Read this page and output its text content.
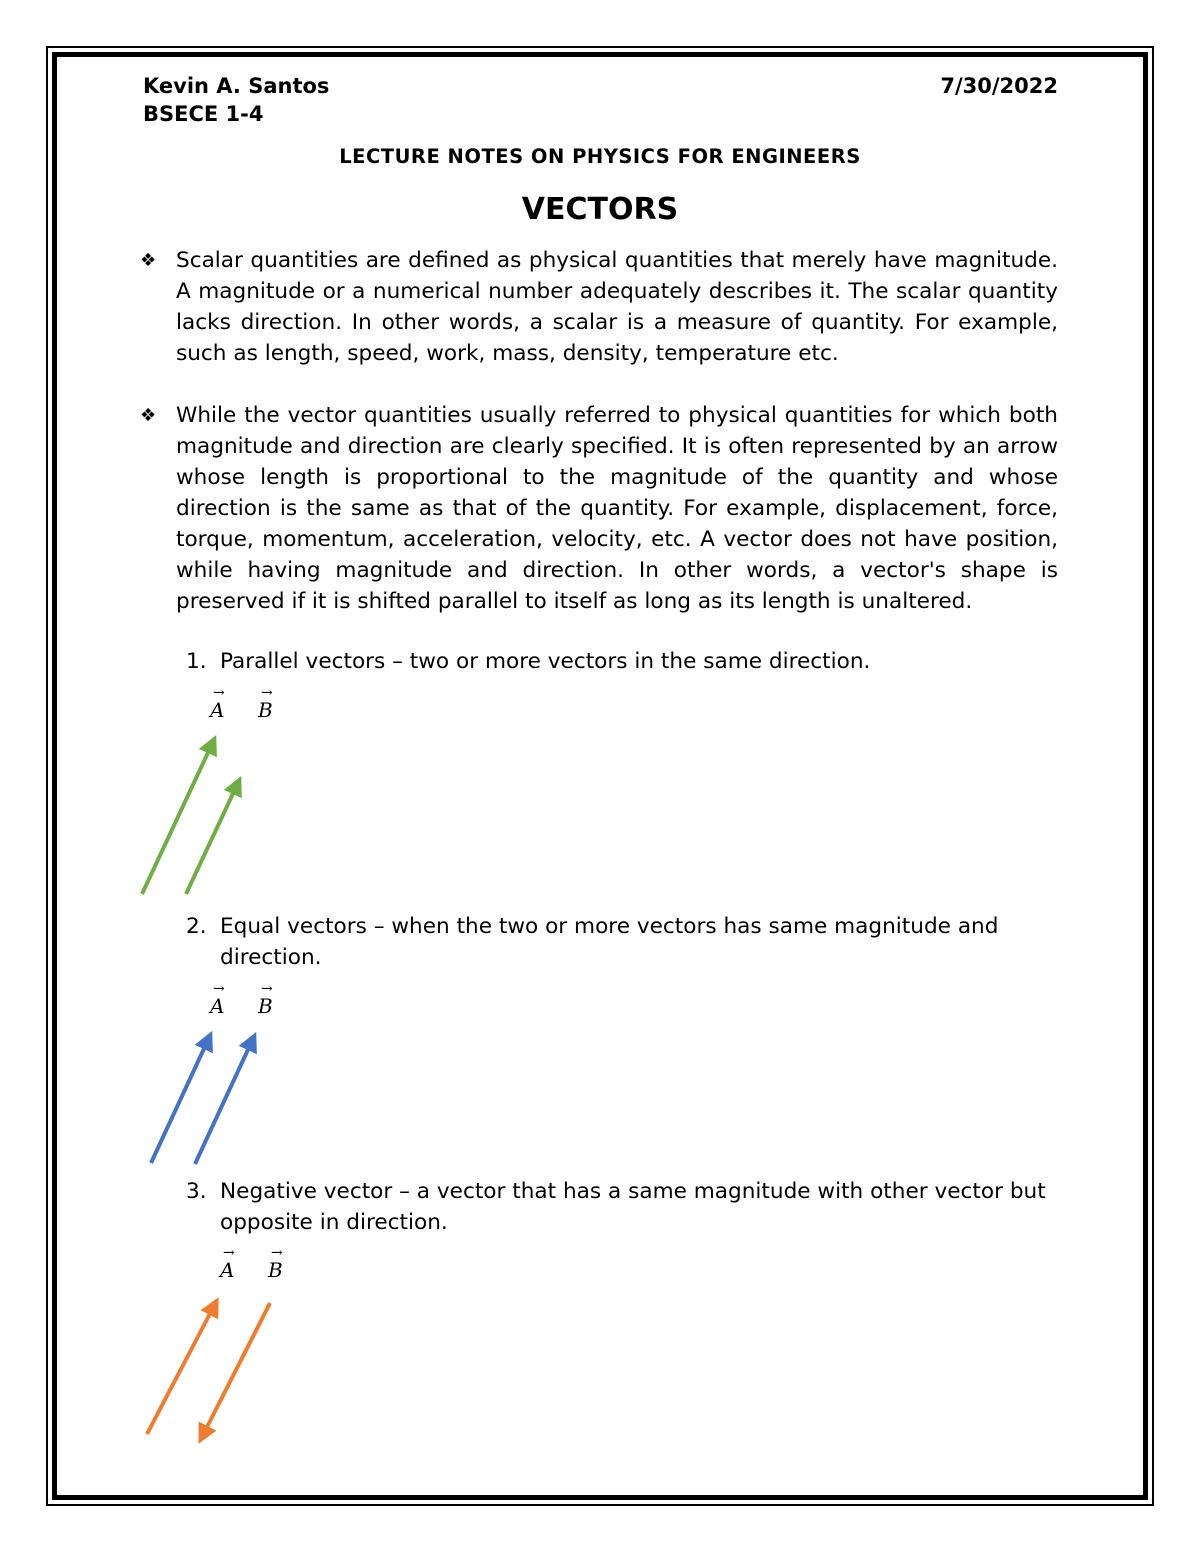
Kevin A. Santos
BSECE 1-4
7/30/2022
LECTURE NOTES ON PHYSICS FOR ENGINEERS
VECTORS
❖ Scalar quantities are defined as physical quantities that merely have magnitude. A magnitude or a numerical number adequately describes it. The scalar quantity lacks direction. In other words, a scalar is a measure of quantity. For example, such as length, speed, work, mass, density, temperature etc.

❖ While the vector quantities usually referred to physical quantities for which both magnitude and direction are clearly specified. It is often represented by an arrow whose length is proportional to the magnitude of the quantity and whose direction is the same as that of the quantity. For example, displacement, force, torque, momentum, acceleration, velocity, etc. A vector does not have position, while having magnitude and direction. In other words, a vector's shape is preserved if it is shifted parallel to itself as long as its length is unaltered.

1. Parallel vectors – two or more vectors in the same direction.

→
A
→
B
2. Equal vectors – when the two or more vectors has same magnitude and direction.

→
A
→
B
3. Negative vector – a vector that has a same magnitude with other vector but opposite in direction.

→
A
→
B
